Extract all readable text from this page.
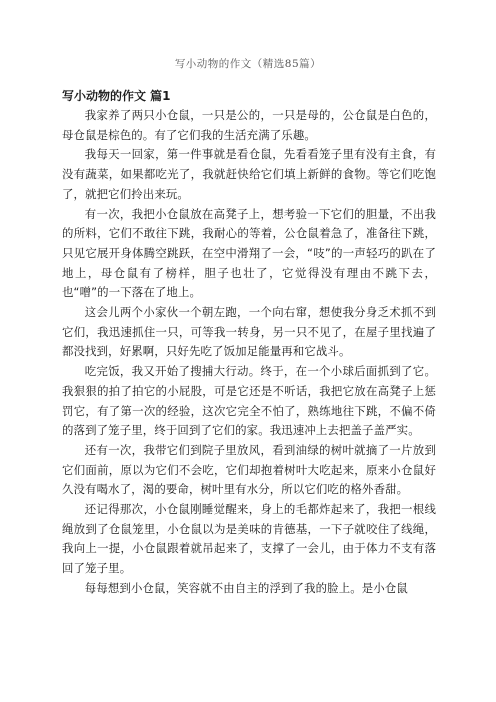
写小动物的作文（精选85篇）
写小动物的作文 篇1

我家养了两只小仓鼠，一只是公的，一只是母的，公仓鼠是白色的，母仓鼠是棕色的。有了它们我的生活充满了乐趣。

我每天一回家，第一件事就是看仓鼠，先看看笼子里有没有主食，有没有蔬菜，如果都吃光了，我就赶快给它们填上新鲜的食物。等它们吃饱了，就把它们拎出来玩。

有一次，我把小仓鼠放在高凳子上，想考验一下它们的胆量，不出我的所料，它们不敢往下跳，我耐心的等着，公仓鼠着急了，准备往下跳，只见它展开身体腾空跳跃，在空中滑翔了一会，“吱”的一声轻巧的趴在了地上，母仓鼠有了榜样，胆子也壮了，它觉得没有理由不跳下去，也“噌”的一下落在了地上。

这会儿两个小家伙一个朝左跑，一个向右窜，想使我分身乏术抓不到它们，我迅速抓住一只，可等我一转身，另一只不见了，在屋子里找遍了都没找到，好累啊，只好先吃了饭加足能量再和它战斗。

吃完饭，我又开始了搜捕大行动。终于，在一个小球后面抓到了它。我狠狠的拍了拍它的小屁股，可是它还是不听话，我把它放在高凳子上惩罚它，有了第一次的经验，这次它完全不怕了，熟练地往下跳，不偏不倚的落到了笼子里，终于回到了它们的家。我迅速冲上去把盖子盖严实。

还有一次，我带它们到院子里放风，看到油绿的树叶就摘了一片放到它们面前，原以为它们不会吃，它们却抱着树叶大吃起来，原来小仓鼠好久没有喝水了，渴的要命，树叶里有水分，所以它们吃的格外香甜。

还记得那次，小仓鼠刚睡觉醒来，身上的毛都炸起来了，我把一根线绳放到了仓鼠笼里，小仓鼠以为是美味的肯德基，一下子就咬住了线绳，我向上一提，小仓鼠跟着就吊起来了，支撑了一会儿，由于体力不支有落回了笼子里。

每每想到小仓鼠，笑容就不由自主的浮到了我的脸上。是小仓鼠
